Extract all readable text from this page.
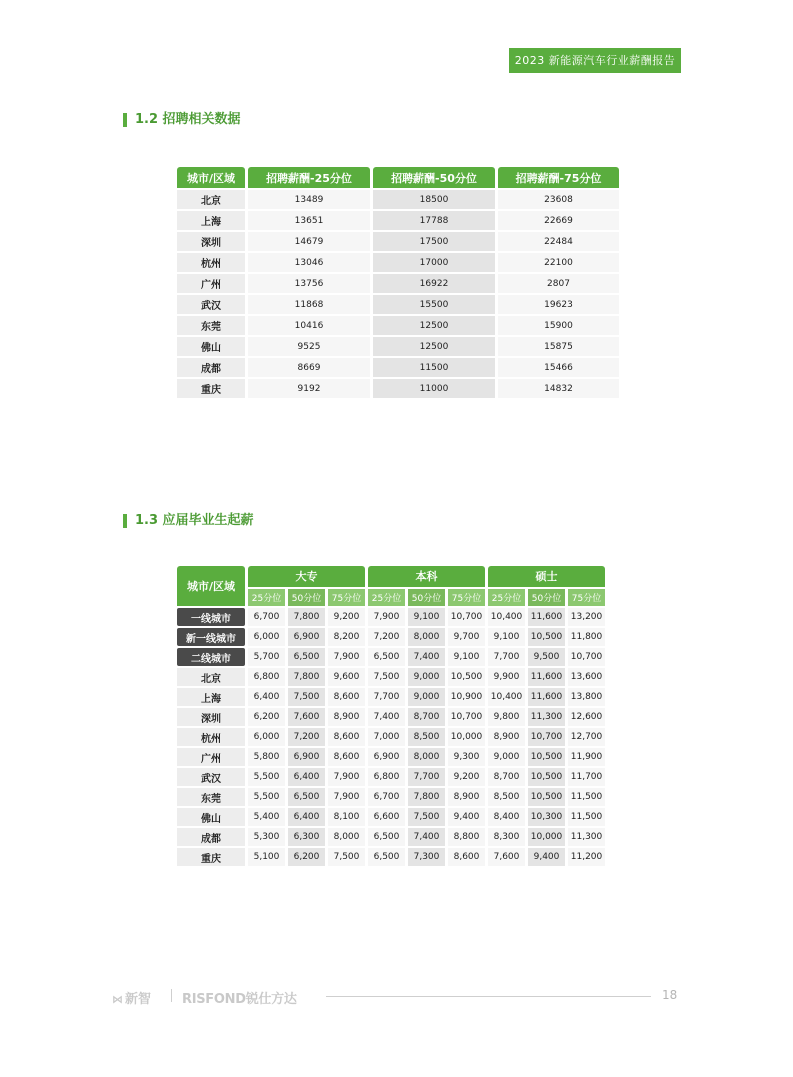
2023 新能源汽车行业薪酬报告
1.2 招聘相关数据
城市/区域	招聘薪酬-25分位	招聘薪酬-50分位	招聘薪酬-75分位
北京	13489	18500	23608
上海	13651	17788	22669
深圳	14679	17500	22484
杭州	13046	17000	22100
广州	13756	16922	2807
武汉	11868	15500	19623
东莞	10416	12500	15900
佛山	9525	12500	15875
成都	8669	11500	15466
重庆	9192	11000	14832
1.3 应届毕业生起薪
城市/区域	大专			本科			硕士		
	25分位	50分位	75分位	25分位	50分位	75分位	25分位	50分位	75分位
一线城市	6,700	7,800	9,200	7,900	9,100	10,700	10,400	11,600	13,200
新一线城市	6,000	6,900	8,200	7,200	8,000	9,700	9,100	10,500	11,800
二线城市	5,700	6,500	7,900	6,500	7,400	9,100	7,700	9,500	10,700
北京	6,800	7,800	9,600	7,500	9,000	10,500	9,900	11,600	13,600
上海	6,400	7,500	8,600	7,700	9,000	10,900	10,400	11,600	13,800
深圳	6,200	7,600	8,900	7,400	8,700	10,700	9,800	11,300	12,600
杭州	6,000	7,200	8,600	7,000	8,500	10,000	8,900	10,700	12,700
广州	5,800	6,900	8,600	6,900	8,000	9,300	9,000	10,500	11,900
武汉	5,500	6,400	7,900	6,800	7,700	9,200	8,700	10,500	11,700
东莞	5,500	6,500	7,900	6,700	7,800	8,900	8,500	10,500	11,500
佛山	5,400	6,400	8,100	6,600	7,500	9,400	8,400	10,300	11,500
成都	5,300	6,300	8,000	6,500	7,400	8,800	8,300	10,000	11,300
重庆	5,100	6,200	7,500	6,500	7,300	8,600	7,600	9,400	11,200
⋈ 新智 RISFOND锐仕方达	18
